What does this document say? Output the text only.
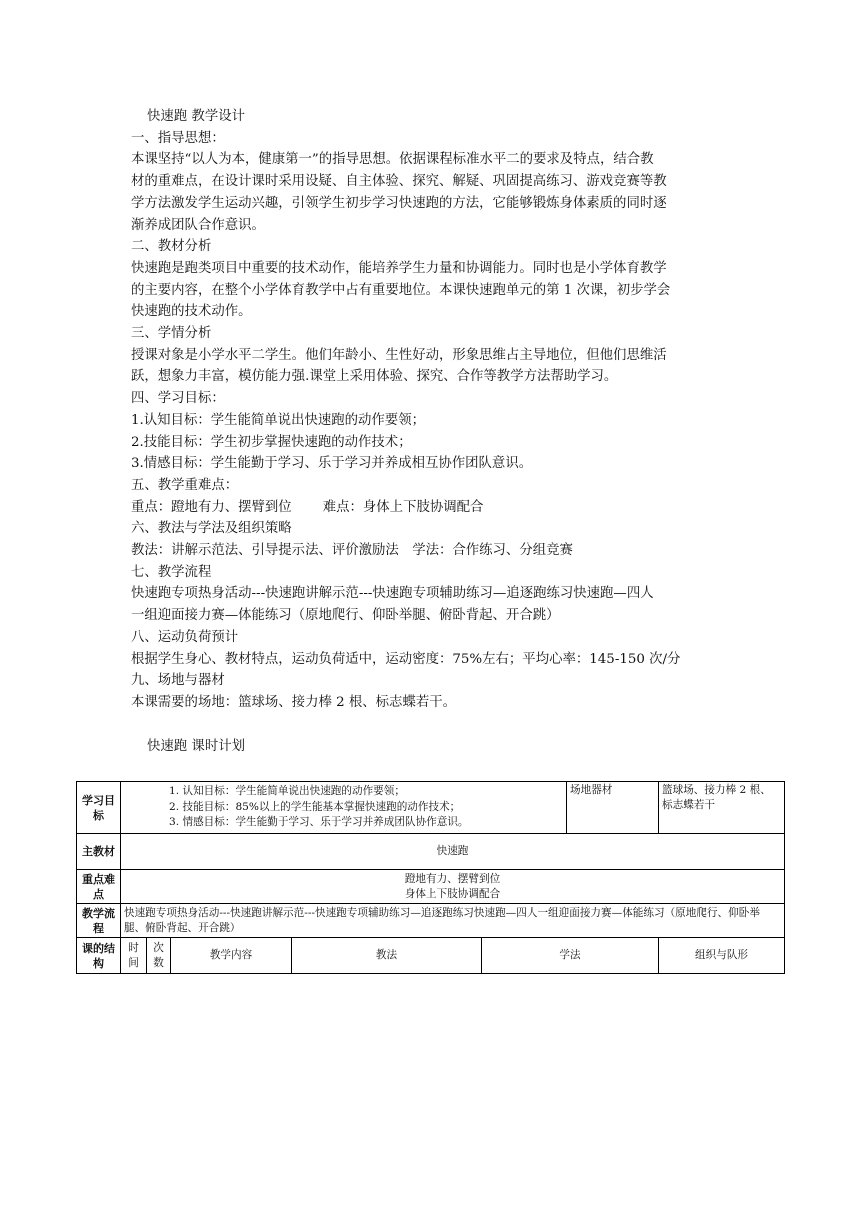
快速跑 教学设计

一、指导思想：

本课坚持“以人为本，健康第一”的指导思想。依据课程标准水平二的要求及特点，结合教

材的重难点，在设计课时采用设疑、自主体验、探究、解疑、巩固提高练习、游戏竞赛等教

学方法激发学生运动兴趣，引领学生初步学习快速跑的方法，它能够锻炼身体素质的同时逐

渐养成团队合作意识。

二、教材分析

快速跑是跑类项目中重要的技术动作，能培养学生力量和协调能力。同时也是小学体育教学

的主要内容，在整个小学体育教学中占有重要地位。本课快速跑单元的第 1 次课，初步学会

快速跑的技术动作。

三、学情分析

授课对象是小学水平二学生。他们年龄小、生性好动，形象思维占主导地位，但他们思维活

跃，想象力丰富，模仿能力强.课堂上采用体验、探究、合作等教学方法帮助学习。

四、学习目标：

1.认知目标：学生能简单说出快速跑的动作要领；

2.技能目标：学生初步掌握快速跑的动作技术；

3.情感目标：学生能勤于学习、乐于学习并养成相互协作团队意识。

五、教学重难点：

重点：蹬地有力、摆臂到位　　 难点：身体上下肢协调配合

六、教法与学法及组织策略

教法：讲解示范法、引导提示法、评价激励法　学法：合作练习、分组竞赛

七、教学流程

快速跑专项热身活动---快速跑讲解示范---快速跑专项辅助练习—追逐跑练习快速跑—四人

一组迎面接力赛—体能练习（原地爬行、仰卧举腿、俯卧背起、开合跳）

八、运动负荷预计

根据学生身心、教材特点，运动负荷适中，运动密度：75%左右；平均心率：145-150 次/分

九、场地与器材

本课需要的场地：篮球场、接力棒 2 根、标志蝶若干。

快速跑 课时计划

学习目标	1. 认知目标：学生能简单说出快速跑的动作要领；
2. 技能目标：85%以上的学生能基本掌握快速跑的动作技术；
3. 情感目标：学生能勤于学习、乐于学习并养成团队协作意识。					场地器材	篮球场、接力棒 2 根、标志蝶若干
主教材	快速跑						
重点难点	蹬地有力、摆臂到位
身体上下肢协调配合						

教学流程	快速跑专项热身活动---快速跑讲解示范---快速跑专项辅助练习—追逐跑练习快速跑—四人一组迎面接力赛—体能练习（原地爬行、仰卧举腿、俯卧背起、开合跳）						
课的结构	时间	次数	教学内容	教法	学法		组织与队形
